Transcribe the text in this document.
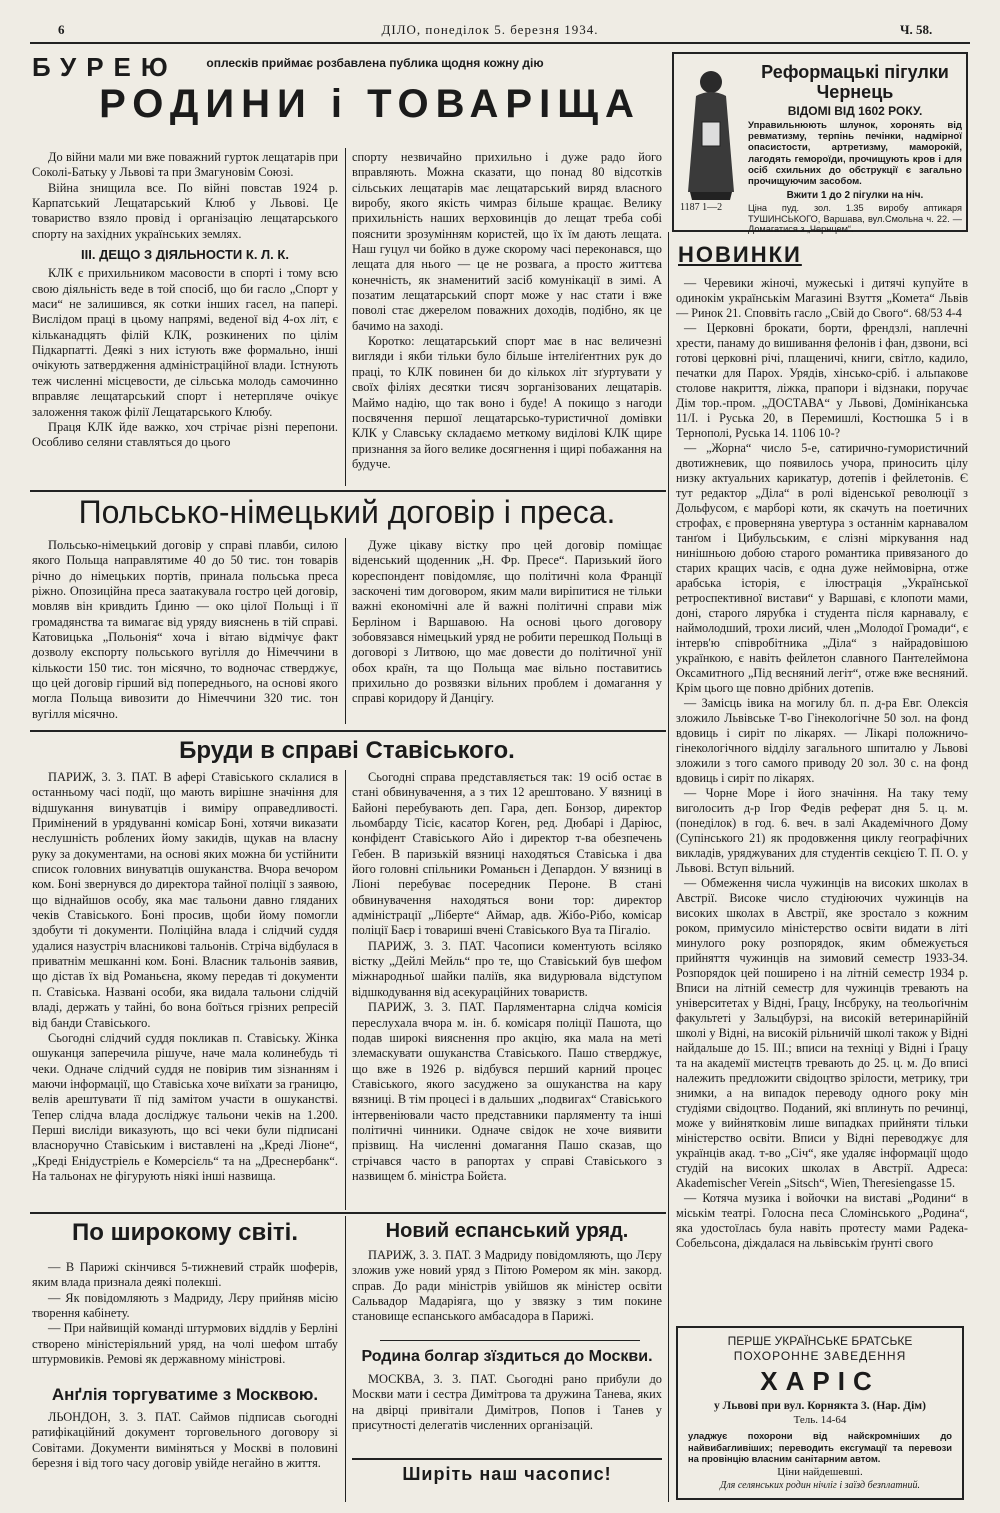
6	ДІЛО, понеділок 5. березня 1934.	Ч. 58.
БУРЕЮ	оплесків приймає розбавлена публика щодня кожну дію
РОДИНИ і ТОВАРІЩА

До війни мали ми вже поважний гурток лещатарів при Соколі-Батьку у Львові та при Змагуновім Союзі.

Війна знищила все. По війні повстав 1924 р. Карпатський Лещатарський Клюб у Львові. Це товариство взяло провід і організацію лещатарського спорту на західних українських землях.

III. ДЕЩО З ДІЯЛЬНОСТИ К. Л. К.

КЛК є прихильником масовости в спорті і тому всю свою діяльність веде в той спосіб, що би гасло „Спорт у маси“ не залишився, як сотки інших гасел, на папері. Вислідом праці в цьому напрямі, веденої від 4-ох літ, є кільканадцять філій КЛК, розкинених по цілім Підкарпатті. Деякі з них істують вже формально, інші очікують затвердження адміністраційної влади. Істнують теж численні місцевости, де сільська молодь самочинно вправляє лещатарський спорт і нетерпляче очікує заложення також філії Лещатарського Клюбу.

Праця КЛК йде важко, хоч стрічає різні перепони. Особливо селяни ставляться до цього

спорту незвичайно прихильно і дуже радо його вправляють. Можна сказати, що понад 80 відсотків сільських лещатарів має лещатарський виряд власного виробу, якого якість чимраз більше кращає. Велику прихильність наших верховинців до лещат треба собі пояснити зрозумінням користей, що їх їм дають лещата. Наш гуцул чи бойко в дуже скорому часі переконався, що лещата для нього — це не розвага, а просто життєва конечність, як знаменитий засіб комунікації в зимі. А позатим лещатарський спорт може у нас стати і вже поволі стає джерелом поважних доходів, подібно, як це бачимо на заході.

Коротко: лещатарський спорт має в нас величезні вигляди і якби тільки було більше інтеліґентних рук до праці, то КЛК повинен би до кількох літ зґуртувати у своїх філіях десятки тисяч зорганізованих лещатарів. Маймо надію, що так воно і буде! А покищо з нагоди посвячення першої лещатарсько-туристичної домівки КЛК у Славську складаємо меткому виділові КЛК щире признання за його велике досягнення і щирі побажання на будуче.

1187 1—2
Реформацькі пігулки Чернець
ВІДОМІ ВІД 1602 РОКУ.
Управильнюють шлунок, хоронять від ревматизму, терпінь печінки, надмірної опасистости, артретизму, маморокій, лагодять гемороїди, прочищують кров і для осіб схильних до обструкції є загально прочищуючим засобом.
Вжити 1 до 2 пігулки на ніч.
Ціна пуд. зол. 1.35 виробу аптикаря ТУШИНСЬКОГО, Варшава, вул.Смольна ч. 22. — Домагатися з „Чернцем“.
НОВИНКИ

— Черевики жіночі, мужеські і дитячі купуйте в одинокім українськім Магазині Взуття „Комета“ Львів — Ринок 21. Споввіть гасло „Свій до Свого“. 68/53 4-4

— Церковні брокати, борти, френдзлі, наплечні хрести, панаму до вишивання фелонів і фан, дзвони, всі готові церковні річі, плащеничі, книги, світло, кадило, печатки для Парох. Урядів, хінсько-сріб. і альпакове столове накриття, ліжка, прапори і відзнаки, поручає Дім тор.-пром. „ДОСТАВА“ у Львові, Домініканська 11/І. і Руська 20, в Перемишлі, Костюшка 5 і в Тернополі, Руська 14. 1106 10-?

— „Жорна“ число 5-е, сатирично-гумористичний двотижневик, що появилось учора, приносить цілу низку актуальних карикатур, дотепів і фейлетонів. Є тут редактор „Діла“ в ролі віденської революції з Дольфусом, є марборі коти, як скачуть на поетичних строфах, є проверняна увертура з останнім карнавалом танґом і Цибульським, є слізні міркування над нинішньою добою старого романтика привязаного до старих кращих часів, є одна дуже неймовірна, отже арабська історія, є ілюстрація „Української ретроспективної вистави“ у Варшаві, є клопоти мами, доні, старого лярубка і студента після карнавалу, є наймолодший, трохи лисий, член „Молодої Громади“, є інтерв'ю співробітника „Діла“ з найрадовішою українкою, є навіть фейлетон славного Пантелеймона Оксамитного „Під весняний легіт“, отже вже весняний. Крім цього ще повно дрібних дотепів.

— Замісць івика на могилу бл. п. д-ра Евг. Олексія зложило Львівське Т-во Гінекологічне 50 зол. на фонд вдовиць і сиріт по лікарях. — Лікарі положничо-гінекологічного відділу загального шпиталю у Львові зложили з того самого приводу 20 зол. 30 с. на фонд вдовиць і сиріт по лікарях.

— Чорне Море і його значіння. На таку тему виголосить д-р Ігор Федів реферат дня 5. ц. м. (понеділок) в год. 6. веч. в залі Академічного Дому (Супінського 21) як продовження циклу географічних викладів, уряджуваних для студентів секцією Т. П. О. у Львові. Вступ вільний.

— Обмеження числа чужинців на високих школах в Австрії. Високе число студіюючих чужинців на високих школах в Австрії, яке зростало з кожним роком, примусило міністерство освіти видати в літі минулого року розпорядок, яким обмежується прийняття чужинців на зимовий семестр 1933-34. Розпорядок цей поширено і на літній семестр 1934 р. Вписи на літній семестр для чужинців тревають на університетах у Відні, Ґрацу, Інсбруку, на теольоґічнім факультеті у Зальцбурзі, на високій ветеринарійній школі у Відні, на високій рільничій школі також у Відні найдальше до 15. III.; вписи на техніці у Відні і Ґрацу та на академії мистецтв тревають до 25. ц. м. До вписі належить предложити свідоцтво зрілости, метрику, три знимки, а на випадок переводу одного року мін студіями свідоцтво. Поданий, які вплинуть по речинці, може у вийнятковім лише випадках прийняти тільки міністерство освіти. Вписи у Відні переводжує для українців акад. т-во „Січ“, яке удаляє інформації щодо студій на високих школах в Австрії. Адреса: Akademischer Verein „Sitsch“, Wien, Theresiengasse 15.

— Котяча музика і войочки на виставі „Родини“ в міськім театрі. Голосна песа Сломінського „Родина“, яка удостоїлась була навіть протесту мами Радека-Собельсона, діждалася на львівськім ґрунті свого

Польсько-німецький договір і преса.

Польсько-німецький договір у справі плавби, силою якого Польща направлятиме 40 до 50 тис. тон товарів річно до німецьких портів, принала польська преса ріжно. Опозиційна преса заатакувала гостро цей договір, мовляв він кривдить Ґдиню — око цілої Польщі і її громадянства та вимагає від уряду вияснень в тій справі. Катовицька „Польонія“ хоча і вітаю відмічує факт дозволу експорту польського вугілля до Німеччини в кількости 150 тис. тон місячно, то водночас стверджує, що цей договір гірший від попереднього, на основі якого могла Польща вивозити до Німеччини 320 тис. тон вугілля місячно.

Дуже цікаву вістку про цей договір поміщає віденський щоденник „Н. Фр. Пресе“. Паризький його кореспондент повідомляє, що політичні кола Франції заскочені тим договором, яким мали виріпитися не тільки важні економічні але й важні політичні справи між Берліном і Варшавою. На основі цього договору зобовязався німецький уряд не робити перешкод Польщі в договорі з Литвою, що має довести до політичної унії обох країн, та що Польща має вільно поставитись прихильно до розвязки вільних проблем і домагання у справі коридору й Данцігу.

Бруди в справі Ставіського.

ПАРИЖ, 3. 3. ПАТ. В афері Ставіського склалися в останньому часі події, що мають вирішне значіння для відшукання винуватців і виміру оправедливості. Примінений в урядуванні комісар Боні, хотячи виказати неслушність роблених йому закидів, щукав на власну руку за документами, на основі яких можна би устійнити список головних винуватців ошуканства. Вчора вечором ком. Боні звернувся до директора тайної поліції з заявою, що віднайшов особу, яка має тальони давно гляданих чеків Ставіського. Боні просив, щоби йому помогли здобути ті документи. Поліційна влада і слідчий суддя удалися назустріч власникові тальонів. Стріча відбулася в приватнім мешканні ком. Боні. Власник тальонів заявив, що дістав їх від Романьєна, якому передав ті документи п. Ставіська. Названі особи, яка видала тальони слідчій владі, держать у тайні, бо вона боїться грізних репресій від банди Ставіського.

Сьогодні слідчий суддя покликав п. Ставіську. Жінка ошуканця заперечила рішуче, наче мала колинебудь ті чеки. Одначе слідчий суддя не повірив тим зізнанням і маючи інформації, що Ставіська хоче виїхати за границю, велів арештувати її під замітом участи в ошуканстві. Тепер слідча влада досліджує тальони чеків на 1.200. Перші висліди виказують, що всі чеки були підписані власноручно Ставіським і виставлені на „Креді Ліоне“, „Креді Енідустріель е Комерсієль“ та на „Дреснербанк“. На тальонах не фігурують ніякі інші назвища.

Сьогодні справа представляється так: 19 осіб остає в стані обвинувачення, а з тих 12 арештовано. У вязниці в Байоні перебувають деп. Гара, деп. Бонзор, директор льомбарду Тісіє, касатор Коген, ред. Дюбарі і Даріюс, конфідент Ставіського Айо і директор т-ва обезпечень Гебен. В паризькій вязниці находяться Ставіська і два його головні спільники Романьєн і Депардон. У вязниці в Ліоні перебуває посередник Пероне. В стані обвинувачення находяться вони тор: директор адміністрації „Ліберте“ Аймар, адв. Жібо-Рібо, комісар поліції Баєр і товариші вчені Ставіського Вуа та Пігаліо.

ПАРИЖ, 3. 3. ПАТ. Часописи коментують всіляко вістку „Дейлі Мейль“ про те, що Ставіський був шефом міжнародньої шайки паліїв, яка видурювала відступом відшкодування від асекураційних товариств.

ПАРИЖ, 3. 3. ПАТ. Парляментарна слідча комісія переслухала вчора м. ін. б. комісаря поліції Пашота, що подав широкі вияснення про акцію, яка мала на меті злемаскувати ошуканства Ставіського. Пашо стверджує, що вже в 1926 р. відбувся перший карний процес Ставіського, якого засуджено за ошуканства на кару вязниці. В тім процесі і в дальших „подвигах“ Ставіського інтервеніювали часто представники парляменту та інші політичні чинники. Одначе свідок не хоче виявити прізвищ. На численні домагання Пашо сказав, що стрічався часто в рапортах у справі Ставіського з назвищем б. міністра Бойєта.

По широкому світі.

— В Парижі скінчився 5-тижневий страйк шоферів, яким влада признала деякі полекші.

— Як повідомляють з Мадриду, Лєру прийняв місію творення кабінету.

— При найвищій команді штурмових віддлів у Берліні створено міністеріяльний уряд, на чолі шефом штабу штурмовиків. Ремові як державному міністрові.

Анґлія торгуватиме з Москвою.

ЛЬОНДОН, 3. 3. ПАТ. Саймов підписав сьогодні ратифікаційний документ торговельного договору зі Совітами. Документи виміняться у Москві в половині березня і від того часу договір увійде негайно в життя.

Новий еспанський уряд.

ПАРИЖ, 3. 3. ПАТ. З Мадриду повідомляють, що Лєру зложив уже новий уряд з Пітою Ромером як мін. закорд. справ. До ради міністрів увійшов як міністер освіти Сальвадор Мадаріяга, що у звязку з тим покине становище еспанського амбасадора в Парижі.

Родина болгар зїздиться до Москви.

МОСКВА, 3. 3. ПАТ. Сьогодні рано прибули до Москви мати і сестра Димітрова та дружина Танева, яких на двірці привітали Димітров, Попов і Танев у присутності делегатів численних організацій.

Ширіть наш часопис!
ПЕРШЕ УКРАЇНСЬКЕ БРАТСЬКЕ
ПОХОРОННЕ ЗАВЕДЕННЯ
ХАРІС
у Львові при вул. Корнякта 3. (Нар. Дім)
Тель. 14-64
уладжує похорони від найскромніших до найвибагливіших; переводить ексгумації та перевози на провінцію власним санітарним автом.
Ціни найдешевші.
Для селянських родин нічліг і заїзд безплатний.
